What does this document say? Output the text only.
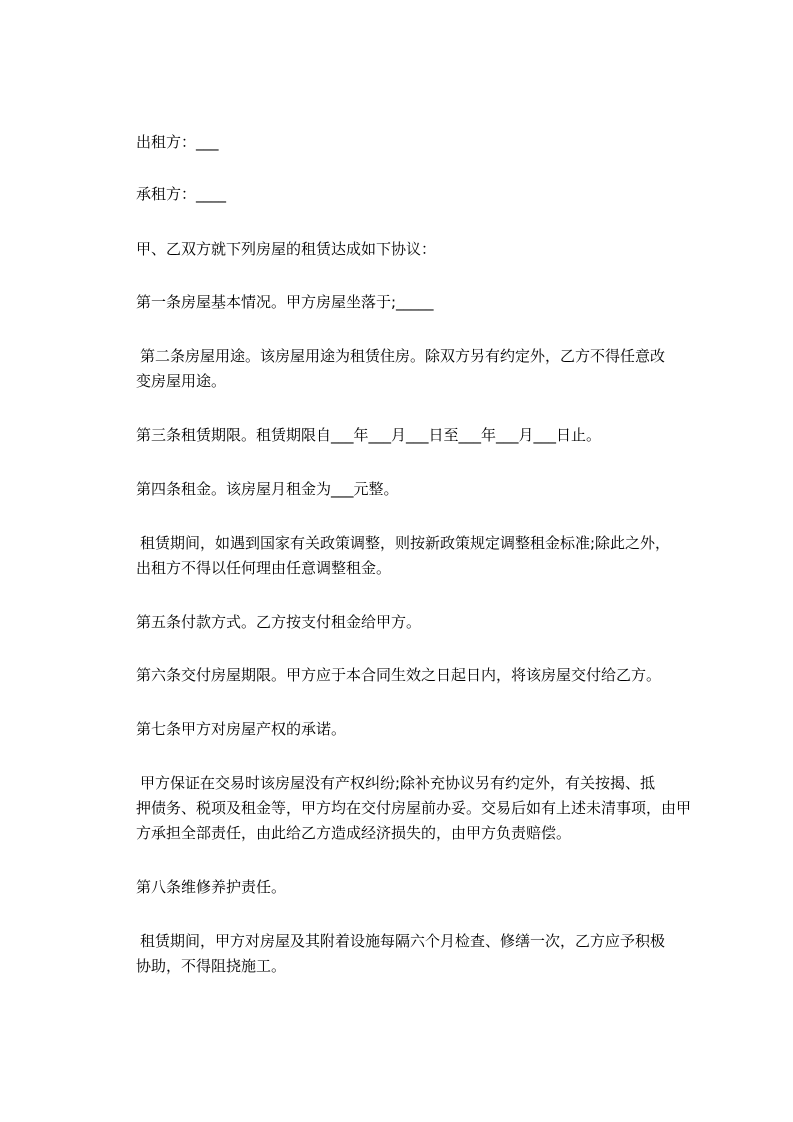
出租方：___

承租方：____

甲、乙双方就下列房屋的租赁达成如下协议：

第一条房屋基本情况。甲方房屋坐落于;_____

第二条房屋用途。该房屋用途为租赁住房。除双方另有约定外，乙方不得任意改

变房屋用途。

第三条租赁期限。租赁期限自___年___月___日至___年___月___日止。

第四条租金。该房屋月租金为___元整。

租赁期间，如遇到国家有关政策调整，则按新政策规定调整租金标准;除此之外，

出租方不得以任何理由任意调整租金。

第五条付款方式。乙方按支付租金给甲方。

第六条交付房屋期限。甲方应于本合同生效之日起日内，将该房屋交付给乙方。

第七条甲方对房屋产权的承诺。

甲方保证在交易时该房屋没有产权纠纷;除补充协议另有约定外，有关按揭、抵

押债务、税项及租金等，甲方均在交付房屋前办妥。交易后如有上述未清事项，由甲

方承担全部责任，由此给乙方造成经济损失的，由甲方负责赔偿。

第八条维修养护责任。

租赁期间，甲方对房屋及其附着设施每隔六个月检查、修缮一次，乙方应予积极

协助，不得阻挠施工。
